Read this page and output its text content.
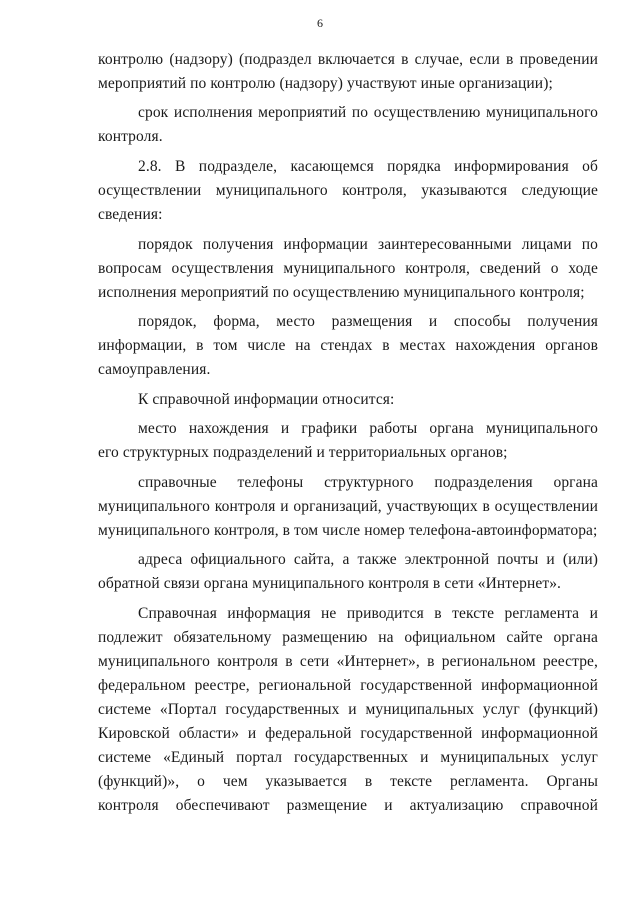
6
контролю (надзору) (подраздел включается в случае, если в проведении
мероприятий по контролю (надзору) участвуют иные организации);
срок исполнения мероприятий по осуществлению муниципального
контроля.
2.8. В подразделе, касающемся порядка информирования об
осуществлении муниципального контроля, указываются следующие
сведения:
порядок получения информации заинтересованными лицами по
вопросам осуществления муниципального контроля, сведений о ходе
исполнения мероприятий по осуществлению муниципального контроля;
порядок, форма, место размещения и способы получения
информации, в том числе на стендах в местах нахождения органов
самоуправления.
К справочной информации относится:
место нахождения и графики работы органа муниципального
его структурных подразделений и территориальных органов;
справочные телефоны структурного подразделения органа
муниципального контроля и организаций, участвующих в осуществлении
муниципального контроля, в том числе номер телефона-автоинформатора;
адреса официального сайта, а также электронной почты и (или)
обратной связи органа муниципального контроля в сети «Интернет».
Справочная информация не приводится в тексте регламента и
подлежит обязательному размещению на официальном сайте органа
муниципального контроля в сети «Интернет», в региональном реестре,
федеральном реестре, региональной государственной информационной
системе «Портал государственных и муниципальных услуг (функций)
Кировской области» и федеральной государственной информационной
системе «Единый портал государственных и муниципальных услуг
(функций)», о чем указывается в тексте регламента. Органы
контроля обеспечивают размещение и актуализацию справочной
